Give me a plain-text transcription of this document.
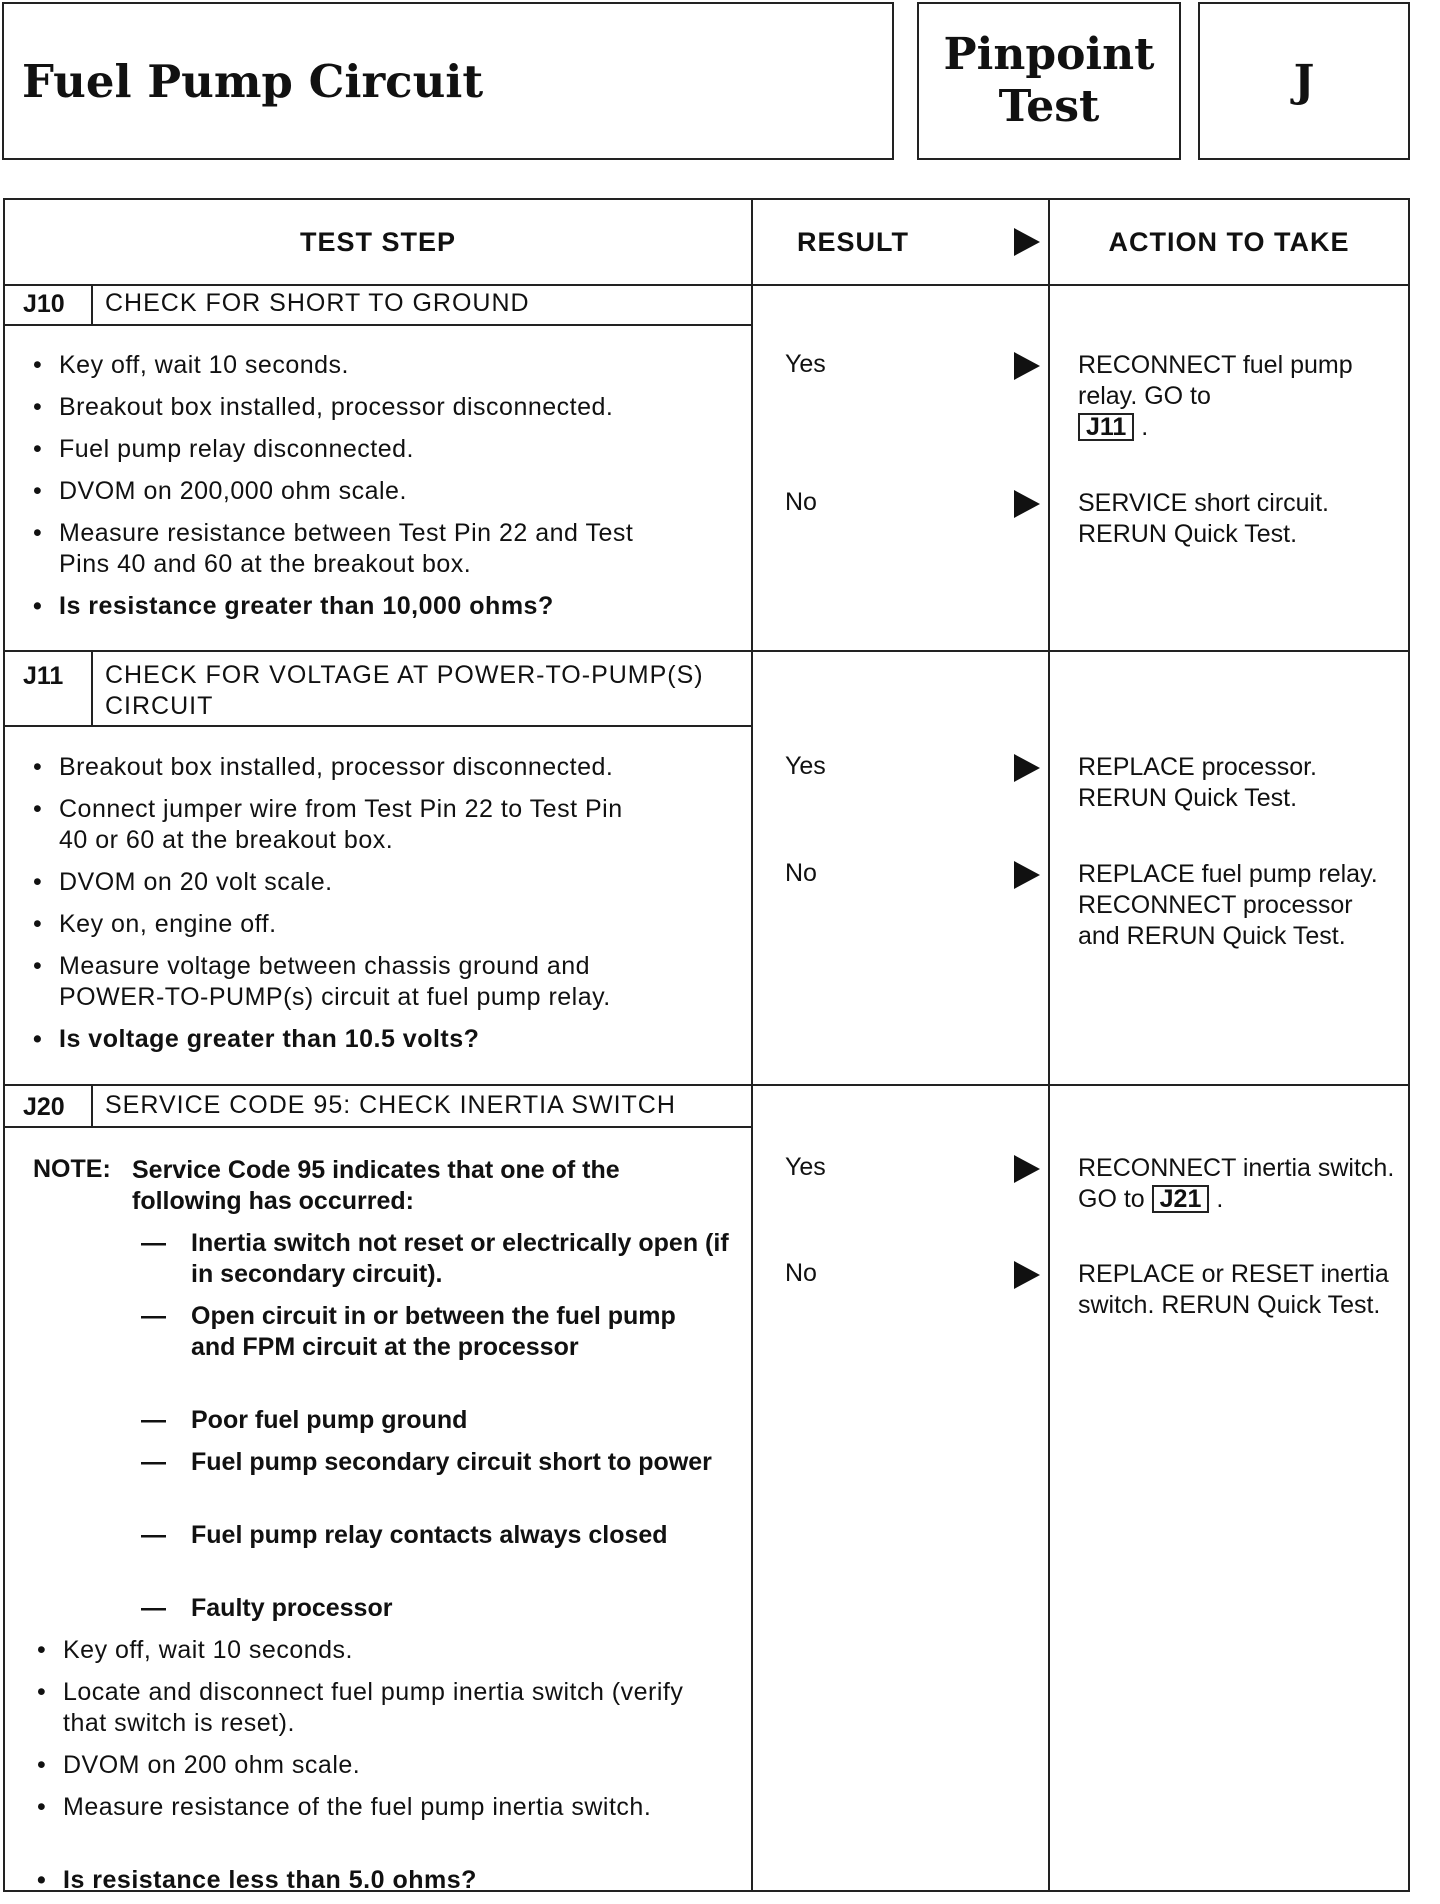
Fuel Pump Circuit	Pinpoint
Test	J
TEST STEP	RESULT	ACTION TO TAKE
J10 CHECK FOR SHORT TO GROUND
• Key off, wait 10 seconds.
• Breakout box installed, processor disconnected.
• Fuel pump relay disconnected.
• DVOM on 200,000 ohm scale.
• Measure resistance between Test Pin 22 and Test
Pins 40 and 60 at the breakout box.
• Is resistance greater than 10,000 ohms?
Yes	RECONNECT fuel pump relay. GO to
J11 .
No	SERVICE short circuit. RERUN Quick Test.
J11 CHECK FOR VOLTAGE AT POWER-TO-PUMP(S)
CIRCUIT
• Breakout box installed, processor disconnected.
• Connect jumper wire from Test Pin 22 to Test Pin
40 or 60 at the breakout box.
• DVOM on 20 volt scale.
• Key on, engine off.
• Measure voltage between chassis ground and
POWER-TO-PUMP(s) circuit at fuel pump relay.
• Is voltage greater than 10.5 volts?
Yes	REPLACE processor. RERUN Quick Test.
No	REPLACE fuel pump relay. RECONNECT processor and RERUN Quick Test.
J20 SERVICE CODE 95: CHECK INERTIA SWITCH
NOTE: Service Code 95 indicates that one of the
following has occurred:
— Inertia switch not reset or electrically open (if in secondary circuit).
— Open circuit in or between the fuel pump and FPM circuit at the processor
— Poor fuel pump ground
— Fuel pump secondary circuit short to power
— Fuel pump relay contacts always closed
— Faulty processor
• Key off, wait 10 seconds.
• Locate and disconnect fuel pump inertia switch (verify that switch is reset).
• DVOM on 200 ohm scale.
• Measure resistance of the fuel pump inertia switch.
• Is resistance less than 5.0 ohms?
Yes	RECONNECT inertia switch. GO to J21 .
No	REPLACE or RESET inertia switch. RERUN Quick Test.
